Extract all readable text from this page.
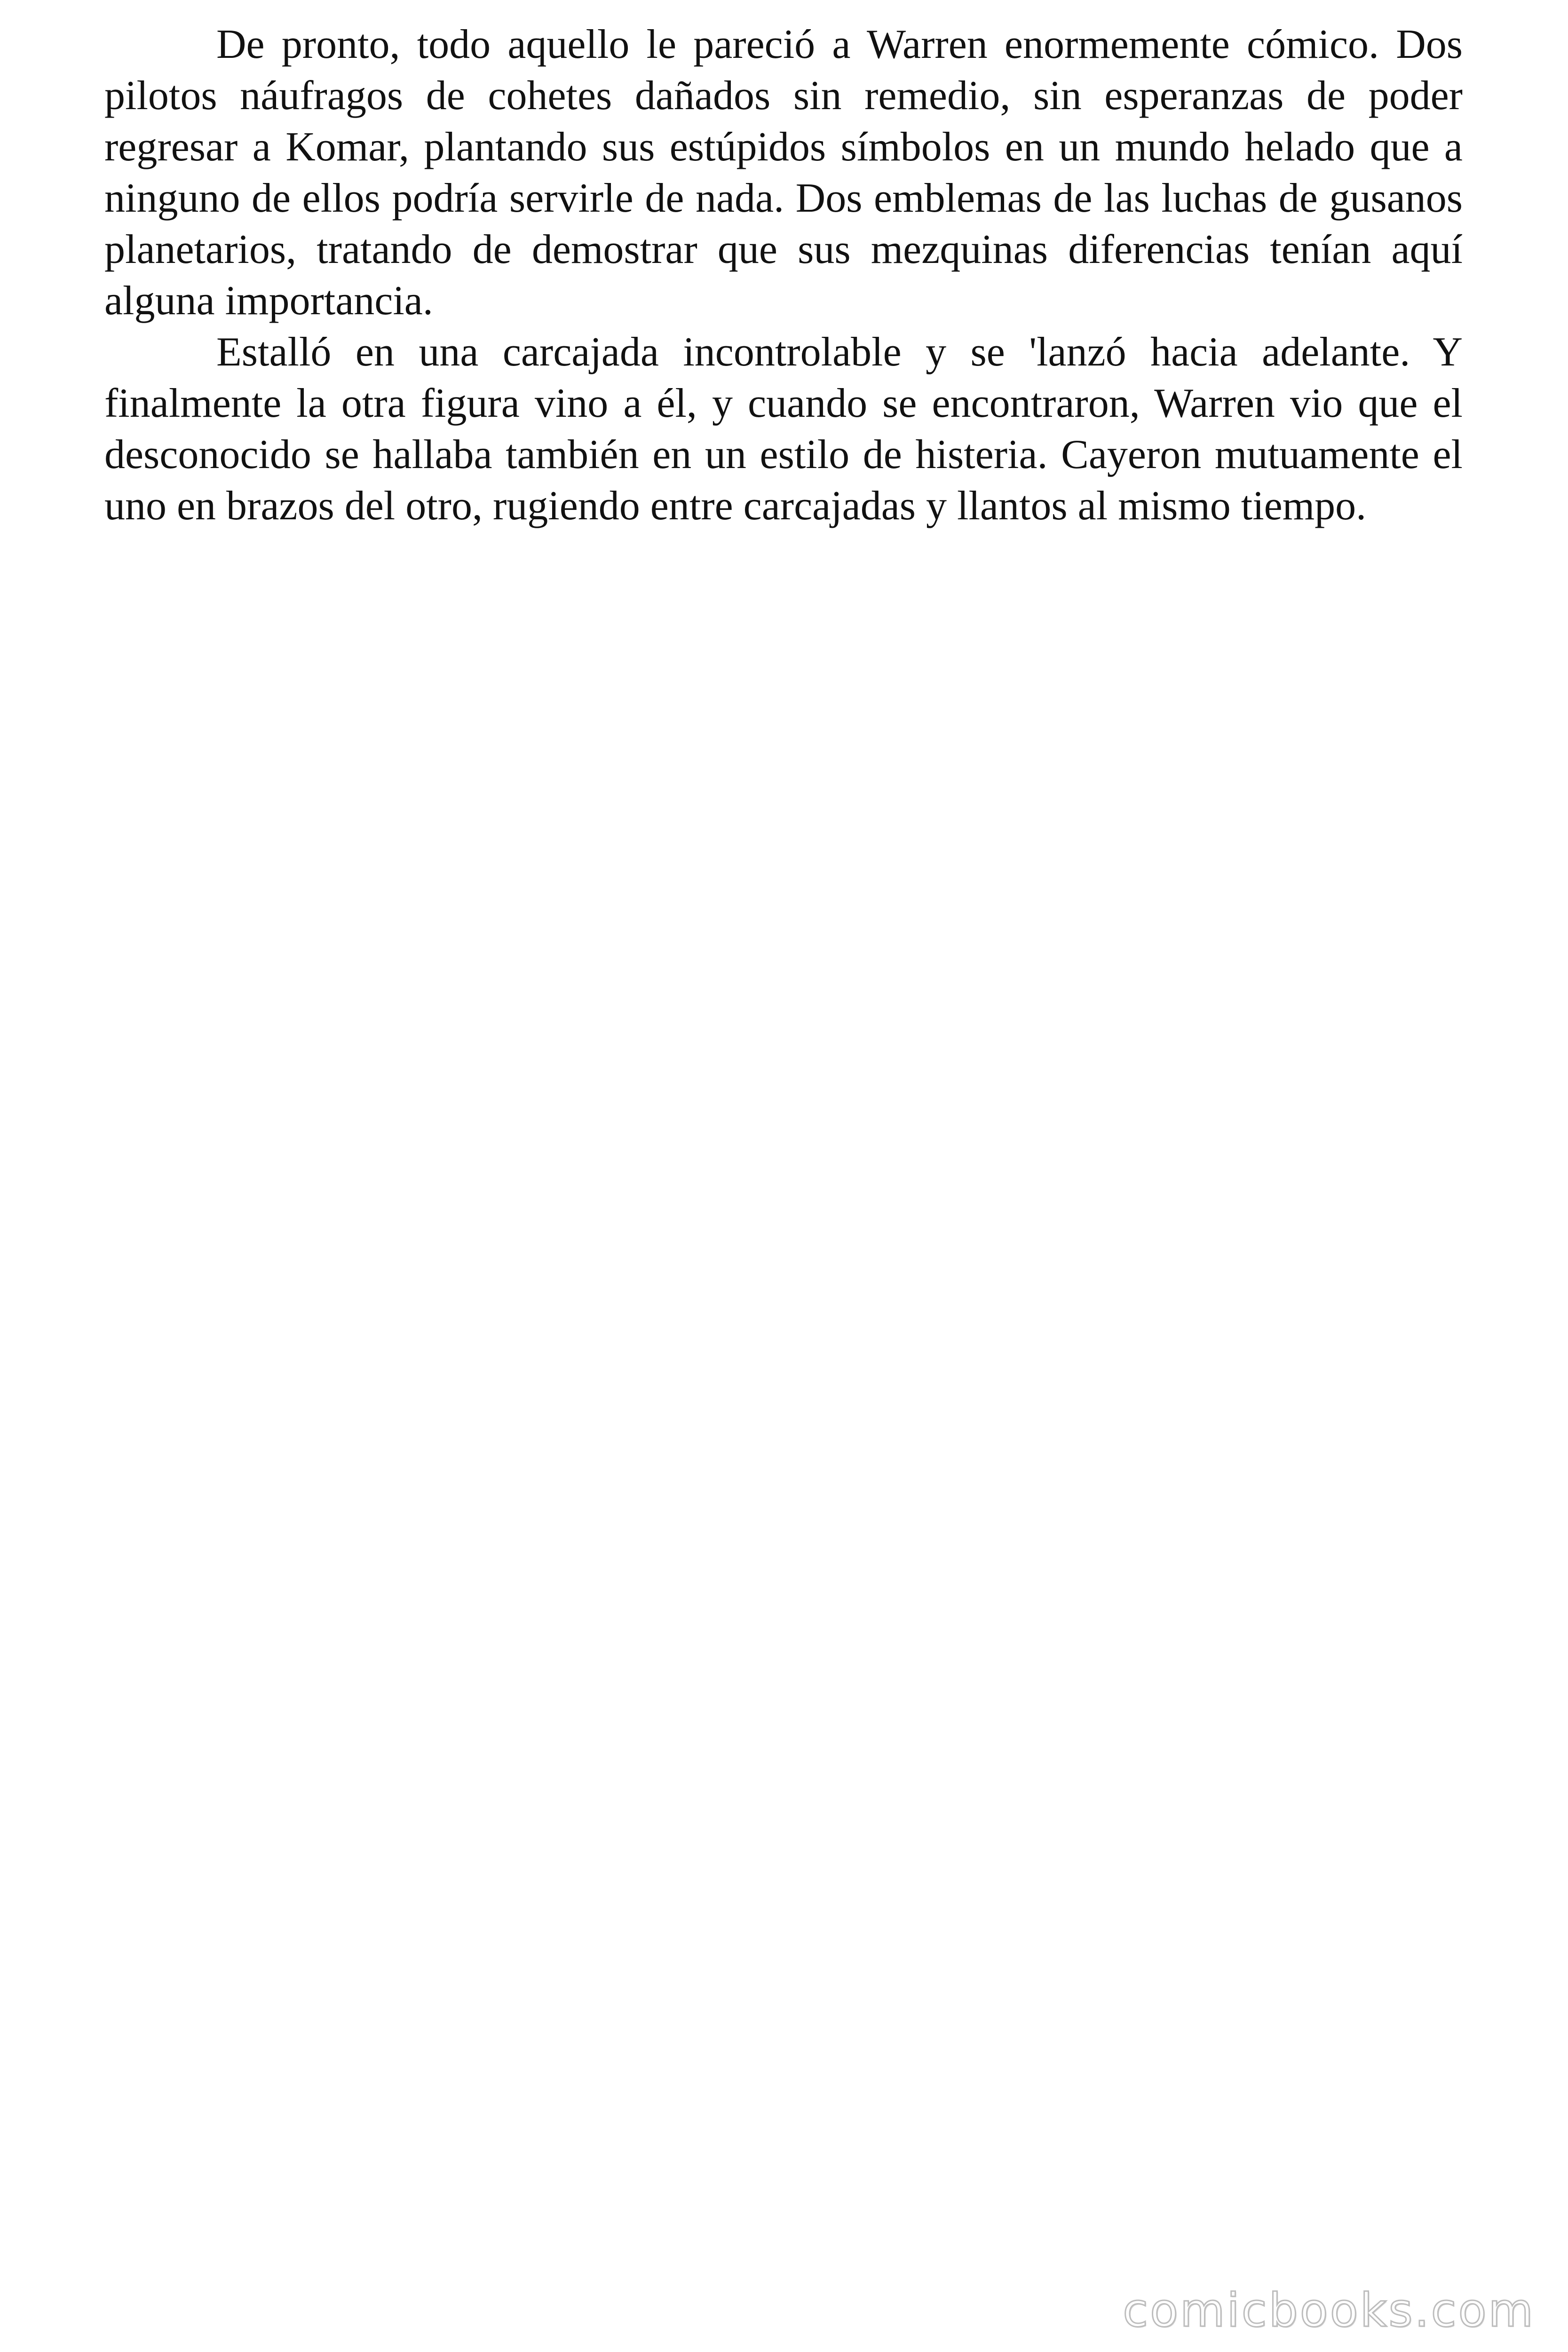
De pronto, todo aquello le pareció a Warren enormemente cómico. Dos pilotos náufragos de cohetes dañados sin remedio, sin esperanzas de poder regresar a Komar, plantando sus estúpidos símbolos en un mundo helado que a ninguno de ellos podría servirle de nada. Dos emblemas de las luchas de gusanos planetarios, tratando de demostrar que sus mezquinas diferencias tenían aquí alguna importancia.

Estalló en una carcajada incontrolable y se 'lanzó hacia adelante. Y finalmente la otra figura vino a él, y cuando se encontraron, Warren vio que el desconocido se hallaba también en un estilo de histeria. Cayeron mutuamente el uno en brazos del otro, rugiendo entre carcajadas y llantos al mismo tiempo.

comicbooks.com
